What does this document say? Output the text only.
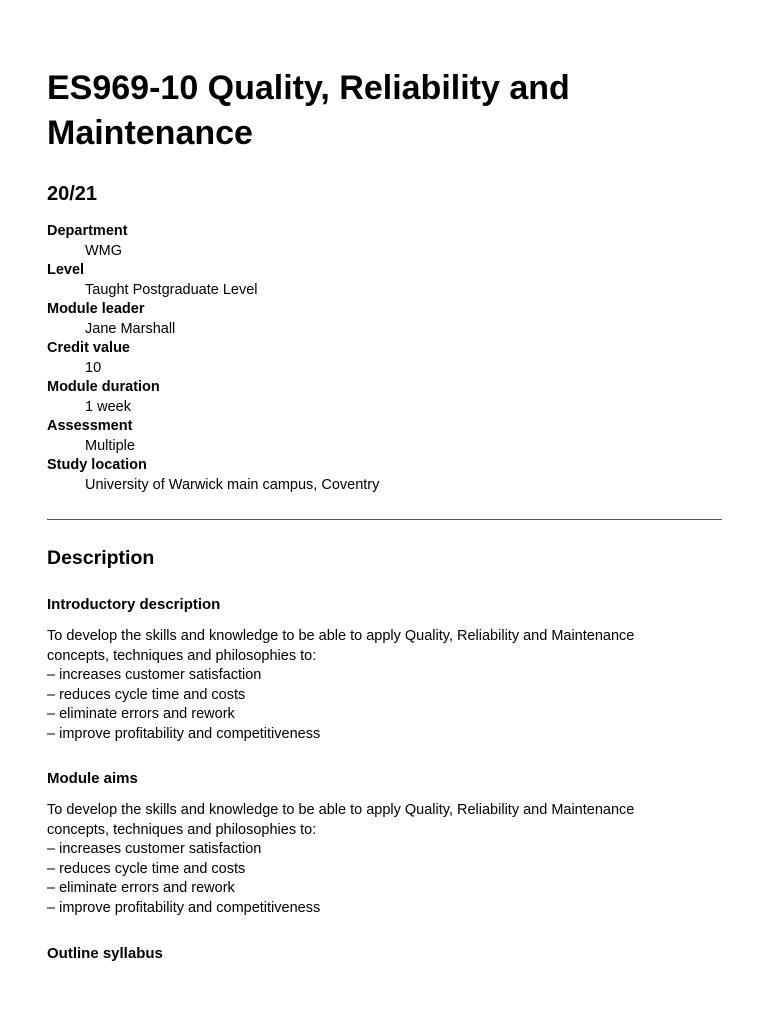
ES969-10 Quality, Reliability and Maintenance
20/21
Department
WMG
Level
Taught Postgraduate Level
Module leader
Jane Marshall
Credit value
10
Module duration
1 week
Assessment
Multiple
Study location
University of Warwick main campus, Coventry
Description
Introductory description
To develop the skills and knowledge to be able to apply Quality, Reliability and Maintenance
concepts, techniques and philosophies to:
– increases customer satisfaction
– reduces cycle time and costs
– eliminate errors and rework
– improve profitability and competitiveness
Module aims
To develop the skills and knowledge to be able to apply Quality, Reliability and Maintenance
concepts, techniques and philosophies to:
– increases customer satisfaction
– reduces cycle time and costs
– eliminate errors and rework
– improve profitability and competitiveness
Outline syllabus
